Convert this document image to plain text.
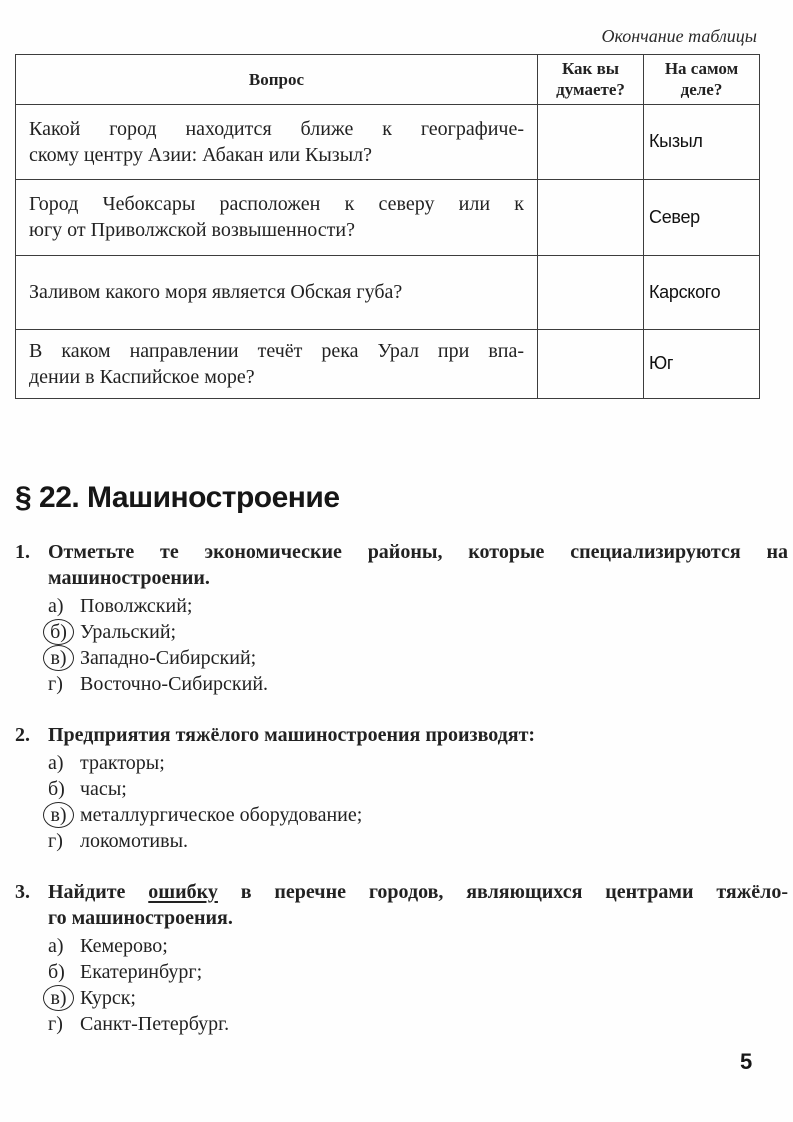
Окончание таблицы
Вопрос	Как вы думаете?	На самом деле?

Какой город находится ближе к географиче-
скому центру Азии: Абакан или Кызыл?		Кызыл

Город Чебоксары расположен к северу или к
югу от Приволжской возвышенности?		Север

Заливом какого моря является Обская губа?		Карского

В каком направлении течёт река Урал при впа-
дении в Каспийское море?		Юг
§ 22. Машиностроение
1. Отметьте те экономические районы, которые специализируются на
машиностроении.
а) Поволжский;
б) Уральский;
в) Западно-Сибирский;
г) Восточно-Сибирский.
2. Предприятия тяжёлого машиностроения производят:
а) тракторы;
б) часы;
в) металлургическое оборудование;
г) локомотивы.
3. Найдите ошибку в перечне городов, являющихся центрами тяжёло-
го машиностроения.
а) Кемерово;
б) Екатеринбург;
в) Курск;
г) Санкт-Петербург.
5
